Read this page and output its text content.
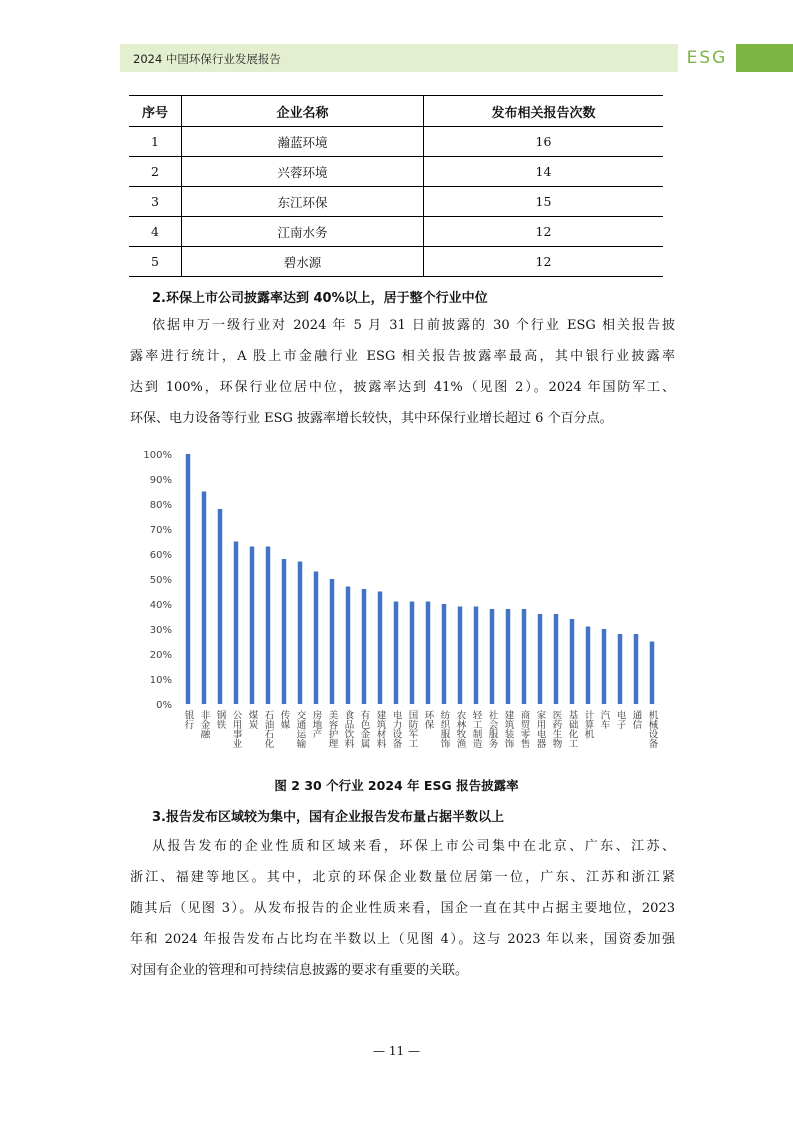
2024 中国环保行业发展报告	ESG
序号	企业名称	发布相关报告次数
1	瀚蓝环境	16
2	兴蓉环境	14
3	东江环保	15
4	江南水务	12
5	碧水源	12
2.环保上市公司披露率达到 40%以上，居于整个行业中位
依据申万一级行业对 2024 年 5 月 31 日前披露的 30 个行业 ESG 相关报告披
露率进行统计，A 股上市金融行业 ESG 相关报告披露率最高，其中银行业披露率
达到 100%，环保行业位居中位，披露率达到 41%（见图 2）。2024 年国防军工、
环保、电力设备等行业 ESG 披露率增长较快，其中环保行业增长超过 6 个百分点。
0%
10%
20%
30%
40%
50%
60%
70%
80%
90%
100%
银行 非金融 钢铁 公用事业 煤炭 石油石化 传媒 交通运输 房地产 美容护理 食品饮料 有色金属 建筑材料 电力设备 国防军工 环保 纺织服饰 农林牧渔 轻工制造 社会服务 建筑装饰 商贸零售 家用电器 医药生物 基础化工 计算机 汽车 电子 通信 机械设备
图 2 30 个行业 2024 年 ESG 报告披露率
3.报告发布区域较为集中，国有企业报告发布量占据半数以上
从报告发布的企业性质和区域来看，环保上市公司集中在北京、广东、江苏、
浙江、福建等地区。其中，北京的环保企业数量位居第一位，广东、江苏和浙江紧
随其后（见图 3）。从发布报告的企业性质来看，国企一直在其中占据主要地位，2023
年和 2024 年报告发布占比均在半数以上（见图 4）。这与 2023 年以来，国资委加强
对国有企业的管理和可持续信息披露的要求有重要的关联。
— 11 —
